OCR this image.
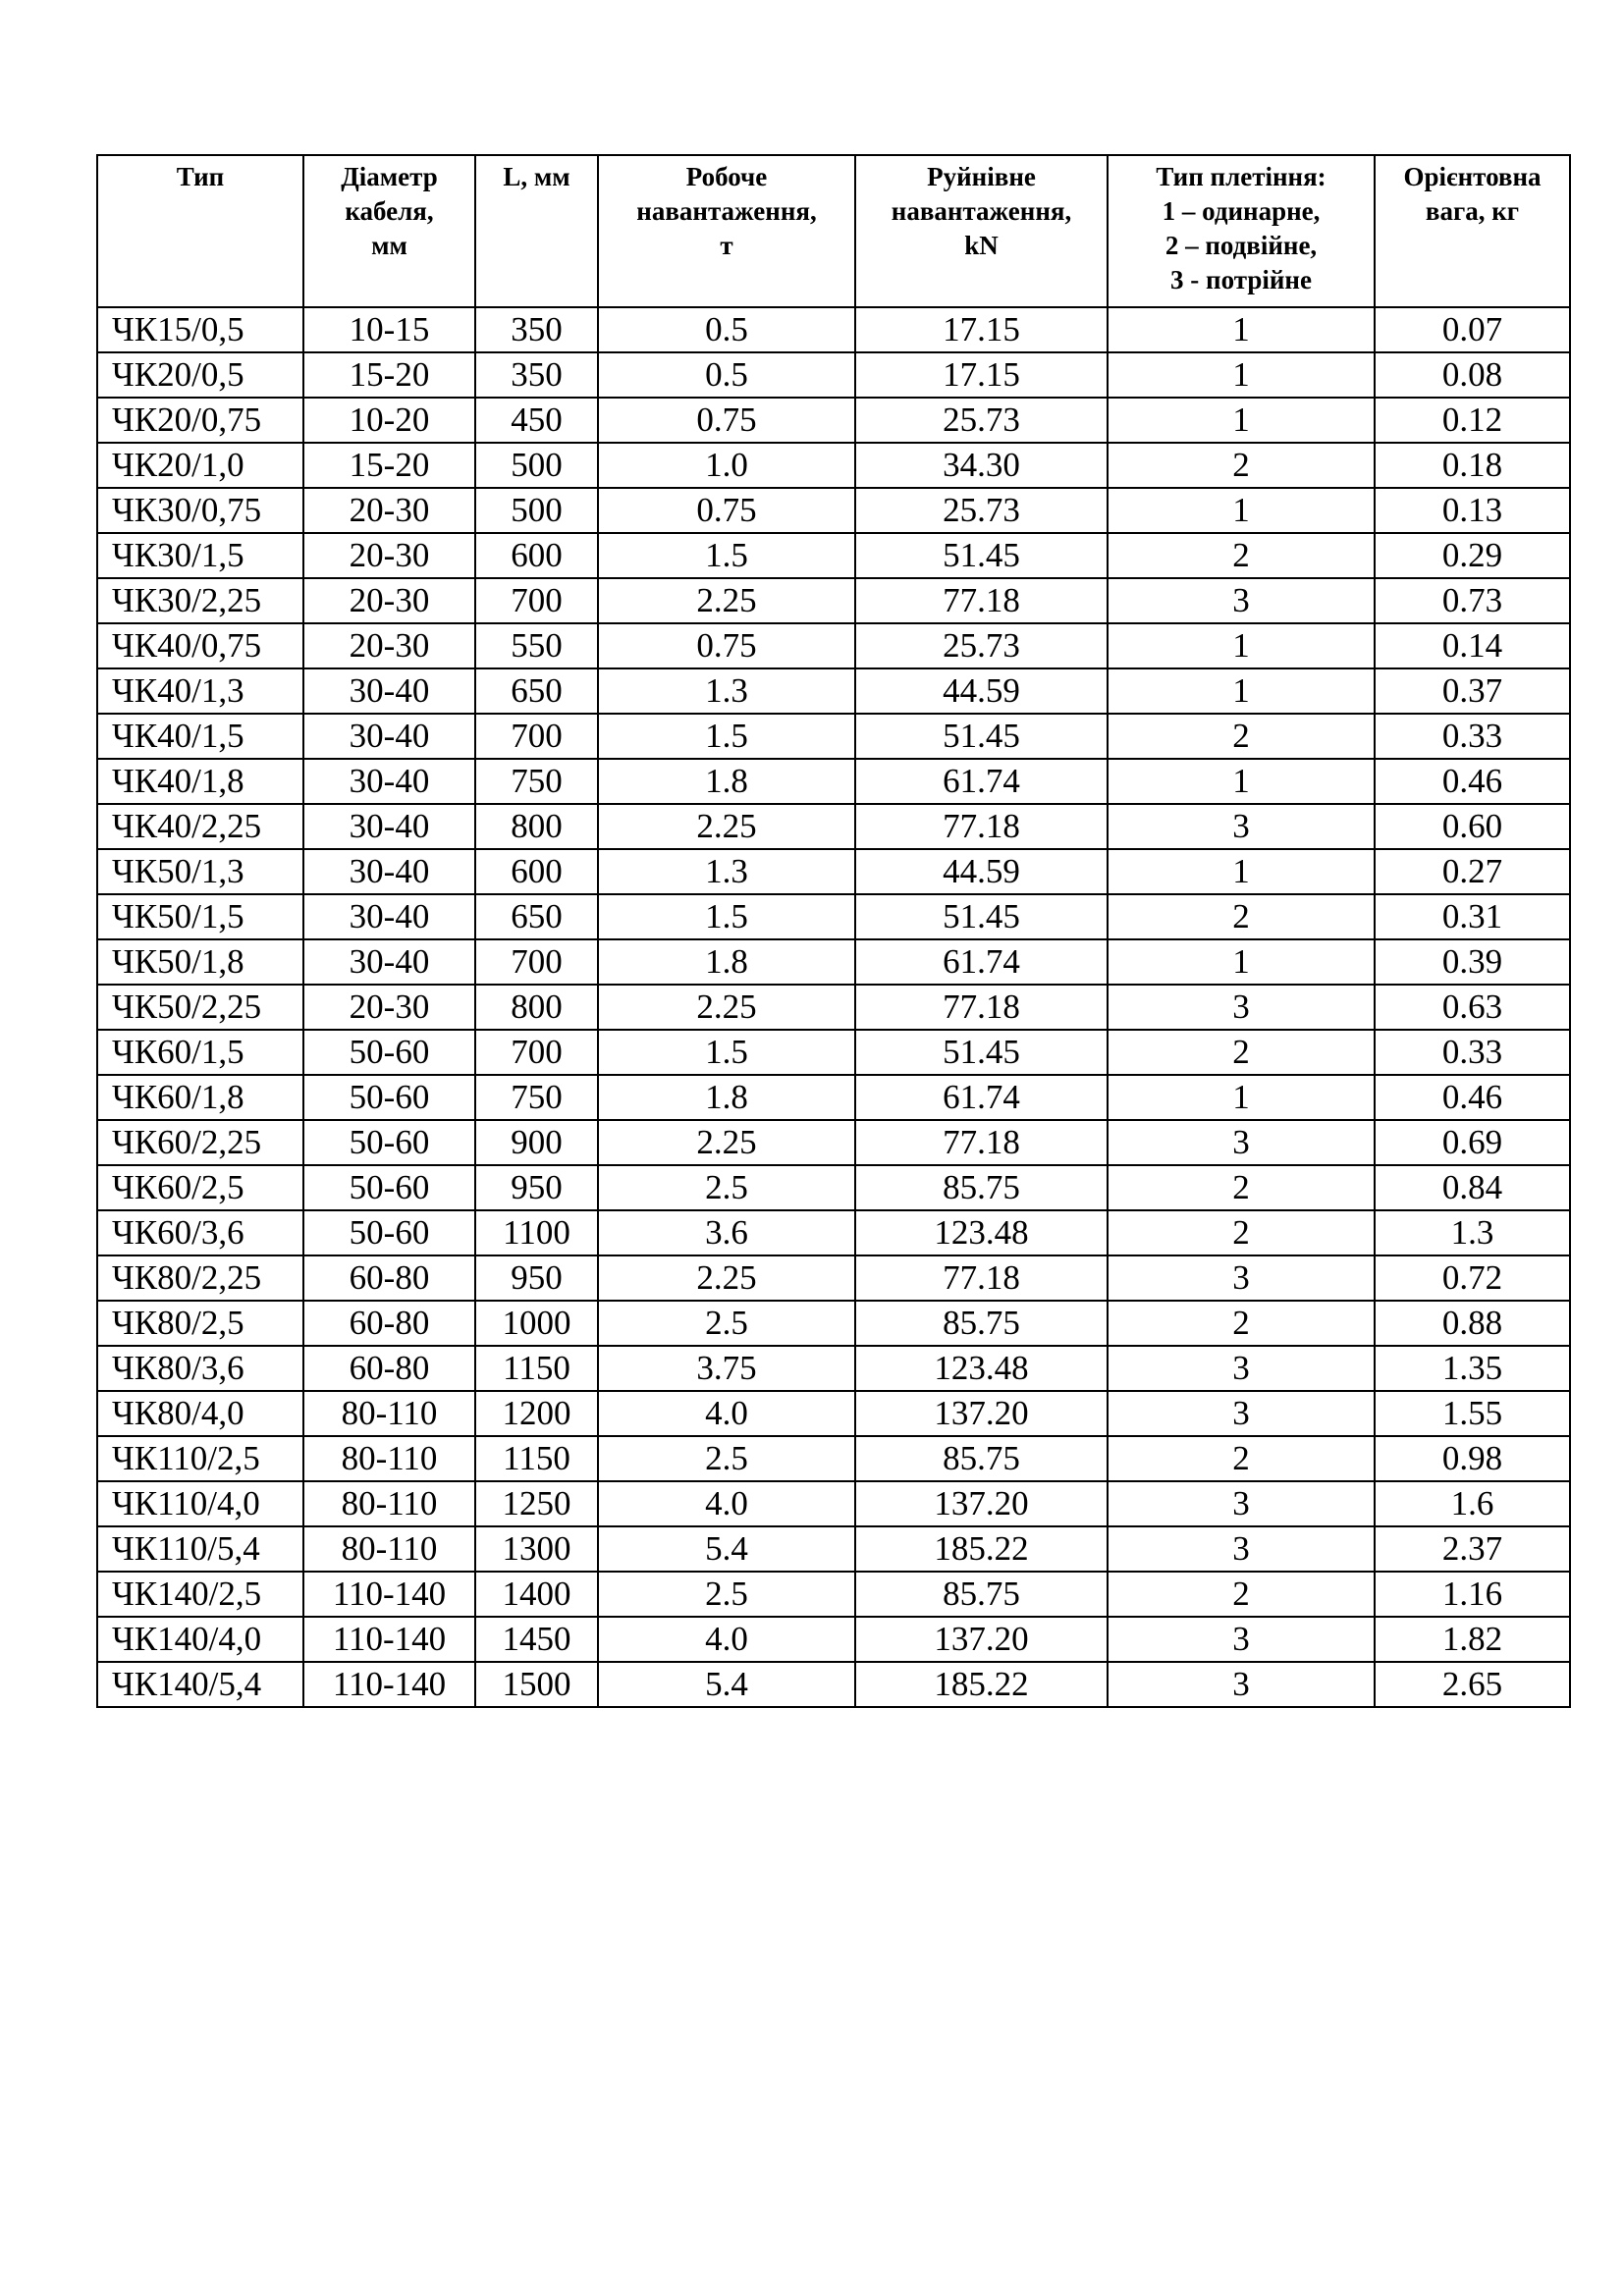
Тип	Діаметр
кабеля,
мм	L, мм	Робоче
навантаження,
т	Руйнівне
навантаження,
kN	Тип плетіння:
1 – одинарне,
2 – подвійне,
3 - потрійне	Орієнтовна
вага, кг

ЧК15/0,5	10-15	350	0.5	17.15	1	0.07
ЧК20/0,5	15-20	350	0.5	17.15	1	0.08
ЧК20/0,75	10-20	450	0.75	25.73	1	0.12
ЧК20/1,0	15-20	500	1.0	34.30	2	0.18
ЧК30/0,75	20-30	500	0.75	25.73	1	0.13
ЧК30/1,5	20-30	600	1.5	51.45	2	0.29
ЧК30/2,25	20-30	700	2.25	77.18	3	0.73
ЧК40/0,75	20-30	550	0.75	25.73	1	0.14
ЧК40/1,3	30-40	650	1.3	44.59	1	0.37
ЧК40/1,5	30-40	700	1.5	51.45	2	0.33
ЧК40/1,8	30-40	750	1.8	61.74	1	0.46
ЧК40/2,25	30-40	800	2.25	77.18	3	0.60
ЧК50/1,3	30-40	600	1.3	44.59	1	0.27
ЧК50/1,5	30-40	650	1.5	51.45	2	0.31
ЧК50/1,8	30-40	700	1.8	61.74	1	0.39
ЧК50/2,25	20-30	800	2.25	77.18	3	0.63
ЧК60/1,5	50-60	700	1.5	51.45	2	0.33
ЧК60/1,8	50-60	750	1.8	61.74	1	0.46
ЧК60/2,25	50-60	900	2.25	77.18	3	0.69
ЧК60/2,5	50-60	950	2.5	85.75	2	0.84
ЧК60/3,6	50-60	1100	3.6	123.48	2	1.3
ЧК80/2,25	60-80	950	2.25	77.18	3	0.72
ЧК80/2,5	60-80	1000	2.5	85.75	2	0.88
ЧК80/3,6	60-80	1150	3.75	123.48	3	1.35
ЧК80/4,0	80-110	1200	4.0	137.20	3	1.55
ЧК110/2,5	80-110	1150	2.5	85.75	2	0.98
ЧК110/4,0	80-110	1250	4.0	137.20	3	1.6
ЧК110/5,4	80-110	1300	5.4	185.22	3	2.37
ЧК140/2,5	110-140	1400	2.5	85.75	2	1.16
ЧК140/4,0	110-140	1450	4.0	137.20	3	1.82
ЧК140/5,4	110-140	1500	5.4	185.22	3	2.65
